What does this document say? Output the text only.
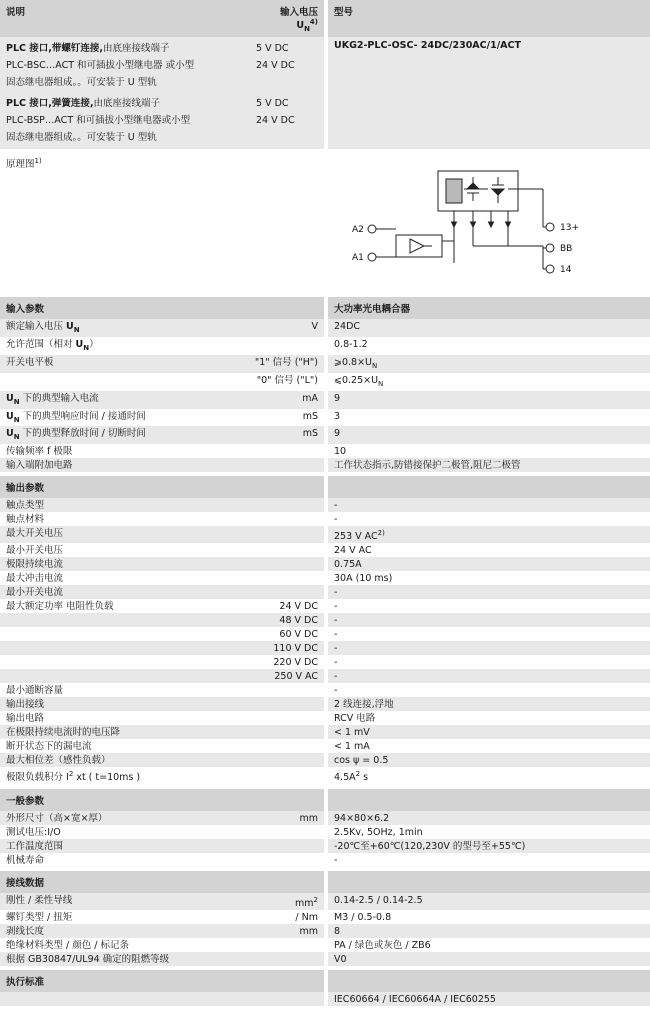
说明	输入电压
$U_N^{4)}$
型号
PLC 接口,带螺钉连接,由底座接线端子	5 V DC
PLC-BSC…ACT 和可插拔小型继电器 或小型	24 V DC
固态继电器组成。。可安装于 U 型轨
PLC 接口,弹簧连接,由底座接线端子	5 V DC
PLC-BSP…ACT 和可插拔小型继电器或小型	24 V DC
固态继电器组成。。可安装于 U 型轨
UKG2-PLC-OSC- 24DC/230AC/1/ACT
原理图$^{1)}$
A2
A1
13+
BB
14
输入参数	大功率光电耦合器
额定输入电压 $U_N$	V	24DC
允许范围（相对 $U_N$）	0.8-1.2
开关电平板	"1" 信号 ("H")	$⩾0.8\times U_N$
"0" 信号 ("L")	$⩽0.25\times U_N$
$U_N$ 下的典型输入电流	mA	9
$U_N$ 下的典型响应时间 / 接通时间	mS	3
$U_N$ 下的典型释放时间 / 切断时间	mS	9
传输频率 f 极限	10
输入端附加电路	工作状态指示,防错接保护二极管,阻尼二极管
输出参数
触点类型	-
触点材料	-
最大开关电压	253 V AC$^{2)}$
最小开关电压	24 V AC
极限持续电流	0.75A
最大冲击电流	30A (10 ms)
最小开关电流	-
最大额定功率 电阻性负载	24 V DC	-
48 V DC	-
60 V DC	-
110 V DC	-
220 V DC	-
250 V AC	-
最小通断容量	-
输出接线	2 线连接,浮地
输出电路	RCV 电路
在极限持续电流时的电压降	< 1 mV
断开状态下的漏电流	< 1 mA
最大相位差（感性负载）	cos ψ = 0.5
极限负载积分 $I^2$ xt ( t=10ms )	$4.5A^2$ s
一般参数
外形尺寸（高×宽×厚）	mm	94×80×6.2
测试电压:I/O	2.5Kv, 5OHz, 1min
工作温度范围	-20℃至+60℃(120,230V 的型号至+55℃)
机械寿命	-
接线数据
刚性 / 柔性导线	$mm^2$	0.14-2.5 / 0.14-2.5
螺钉类型 / 扭矩	/ Nm	M3 / 0.5-0.8
剥线长度	mm	8
绝缘材料类型 / 颜色 / 标记条	PA / 绿色或灰色 / ZB6
根据 GB30847/UL94 确定的阻燃等级	V0
执行标准
IEC60664 / IEC60664A / IEC60255
